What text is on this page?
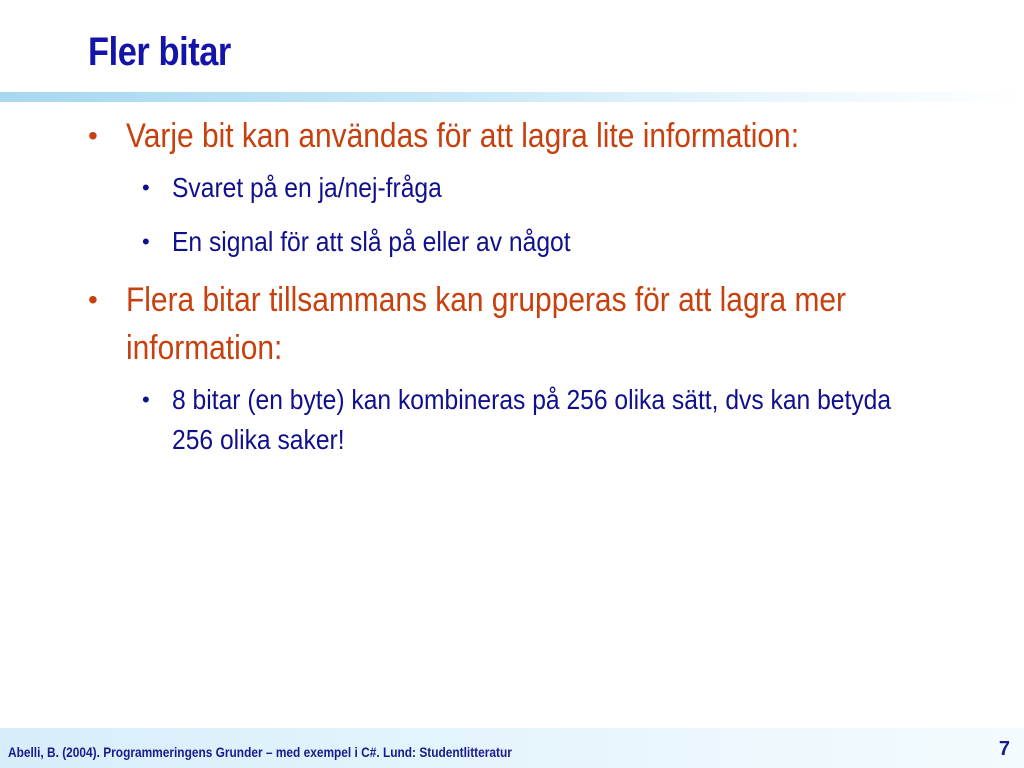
Fler bitar
• Varje bit kan användas för att lagra lite information:
• Svaret på en ja/nej-fråga
• En signal för att slå på eller av något
• Flera bitar tillsammans kan grupperas för att lagra mer information:
• 8 bitar (en byte) kan kombineras på 256 olika sätt, dvs kan betyda 256 olika saker!
Abelli, B. (2004). Programmeringens Grunder – med exempel i C#. Lund: Studentlitteratur	7
